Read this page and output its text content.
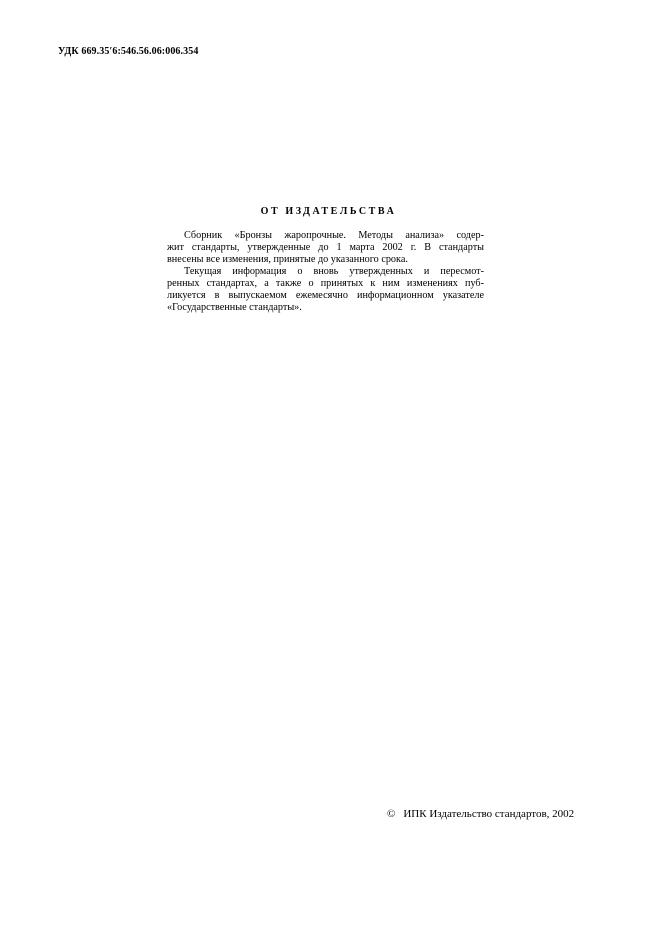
УДК 669.35′6:546.56.06:006.354
ОТ ИЗДАТЕЛЬСТВА
Сборник «Бронзы жаропрочные. Методы анализа» содер-
жит стандарты, утвержденные до 1 марта 2002 г. В стандарты
внесены все изменения, принятые до указанного срока.
Текущая информация о вновь утвержденных и пересмот-
ренных стандартах, а также о принятых к ним изменениях пуб-
ликуется в выпускаемом ежемесячно информационном указателе
«Государственные стандарты».
© ИПК Издательство стандартов, 2002
